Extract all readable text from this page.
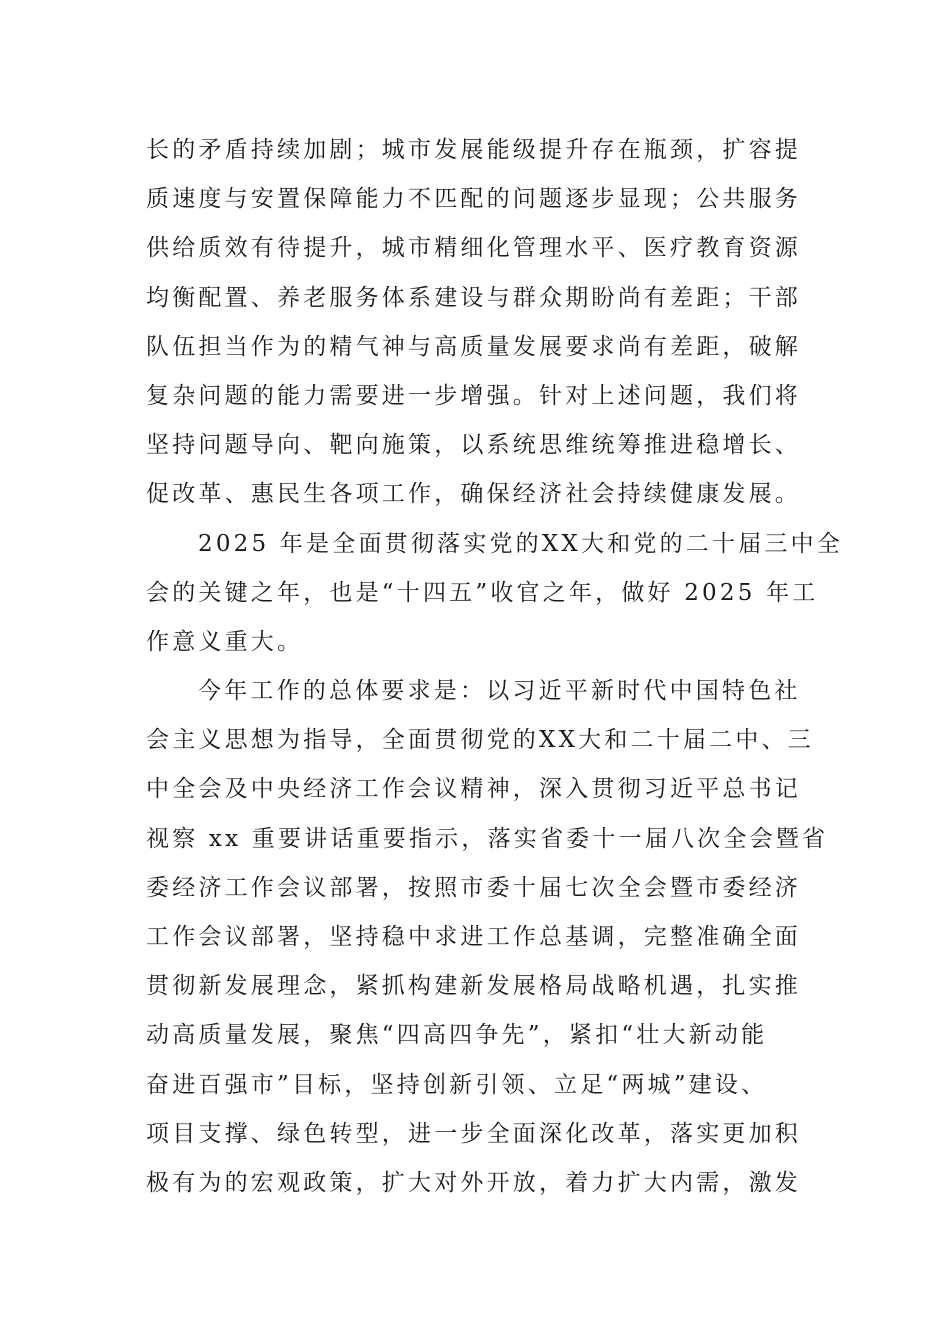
长的矛盾持续加剧；城市发展能级提升存在瓶颈，扩容提
质速度与安置保障能力不匹配的问题逐步显现；公共服务
供给质效有待提升，城市精细化管理水平、医疗教育资源
均衡配置、养老服务体系建设与群众期盼尚有差距；干部
队伍担当作为的精气神与高质量发展要求尚有差距，破解
复杂问题的能力需要进一步增强。针对上述问题，我们将
坚持问题导向、靶向施策，以系统思维统筹推进稳增长、
促改革、惠民生各项工作，确保经济社会持续健康发展。
2025 年是全面贯彻落实党的XX大和党的二十届三中全
会的关键之年，也是“十四五”收官之年，做好 2025 年工
作意义重大。
今年工作的总体要求是：以习近平新时代中国特色社
会主义思想为指导，全面贯彻党的XX大和二十届二中、三
中全会及中央经济工作会议精神，深入贯彻习近平总书记
视察 xx 重要讲话重要指示，落实省委十一届八次全会暨省
委经济工作会议部署，按照市委十届七次全会暨市委经济
工作会议部署，坚持稳中求进工作总基调，完整准确全面
贯彻新发展理念，紧抓构建新发展格局战略机遇，扎实推
动高质量发展，聚焦“四高四争先”，紧扣“壮大新动能
奋进百强市”目标，坚持创新引领、立足“两城”建设、
项目支撑、绿色转型，进一步全面深化改革，落实更加积
极有为的宏观政策，扩大对外开放，着力扩大内需，激发
